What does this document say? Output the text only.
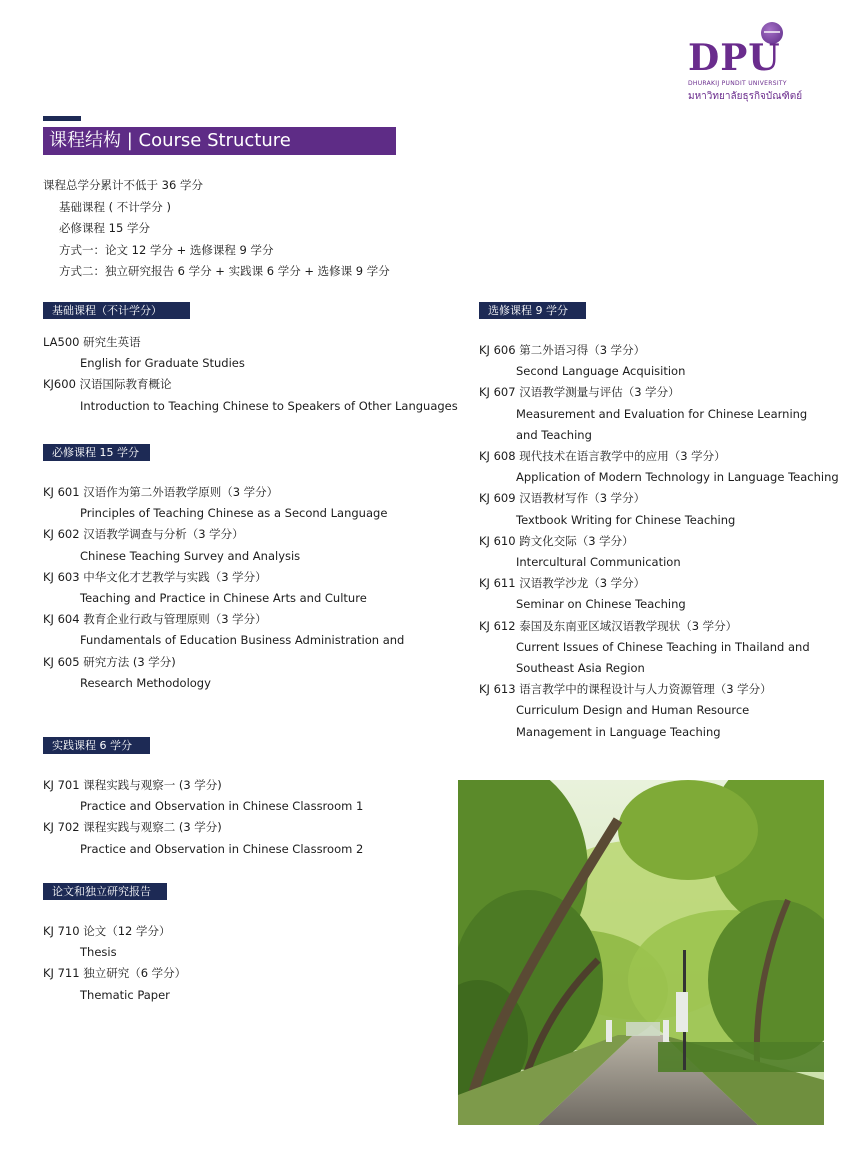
DPU
DHURAKIJ PUNDIT UNIVERSITY
มหาวิทยาลัยธุรกิจบัณฑิตย์
课程结构 | Course Structure
课程总学分累计不低于 36 学分
基础课程 ( 不计学分 )
必修课程 15 学分
方式一：论文 12 学分 + 选修课程 9 学分
方式二：独立研究报告 6 学分 + 实践课 6 学分 + 选修课 9 学分
基础课程（不计学分）
LA500 研究生英语
English for Graduate Studies
KJ600 汉语国际教育概论
Introduction to Teaching Chinese to Speakers of Other Languages
必修课程 15 学分
KJ 601 汉语作为第二外语教学原则（3 学分）
Principles of Teaching Chinese as a Second Language
KJ 602 汉语教学调查与分析（3 学分）
Chinese Teaching Survey and Analysis
KJ 603 中华文化才艺教学与实践（3 学分）
Teaching and Practice in Chinese Arts and Culture
KJ 604 教育企业行政与管理原则（3 学分）
Fundamentals of Education Business Administration and
KJ 605 研究方法 (3 学分)
Research Methodology
实践课程 6 学分
KJ 701 课程实践与观察一 (3 学分)
Practice and Observation in Chinese Classroom 1
KJ 702 课程实践与观察二 (3 学分)
Practice and Observation in Chinese Classroom 2
论文和独立研究报告
KJ 710 论文（12 学分）
Thesis
KJ 711 独立研究（6 学分）
Thematic Paper
选修课程 9 学分
KJ 606 第二外语习得（3 学分）
Second Language Acquisition
KJ 607 汉语教学测量与评估（3 学分）
Measurement and Evaluation for Chinese Learning and Teaching
KJ 608 现代技术在语言教学中的应用（3 学分）
Application of Modern Technology in Language Teaching
KJ 609 汉语教材写作（3 学分）
Textbook Writing for Chinese Teaching
KJ 610 跨文化交际（3 学分）
Intercultural Communication
KJ 611 汉语教学沙龙（3 学分）
Seminar on Chinese Teaching
KJ 612 泰国及东南亚区域汉语教学现状（3 学分）
Current Issues of Chinese Teaching in Thailand and Southeast Asia Region
KJ 613 语言教学中的课程设计与人力资源管理（3 学分）
Curriculum Design and Human Resource Management in Language Teaching
